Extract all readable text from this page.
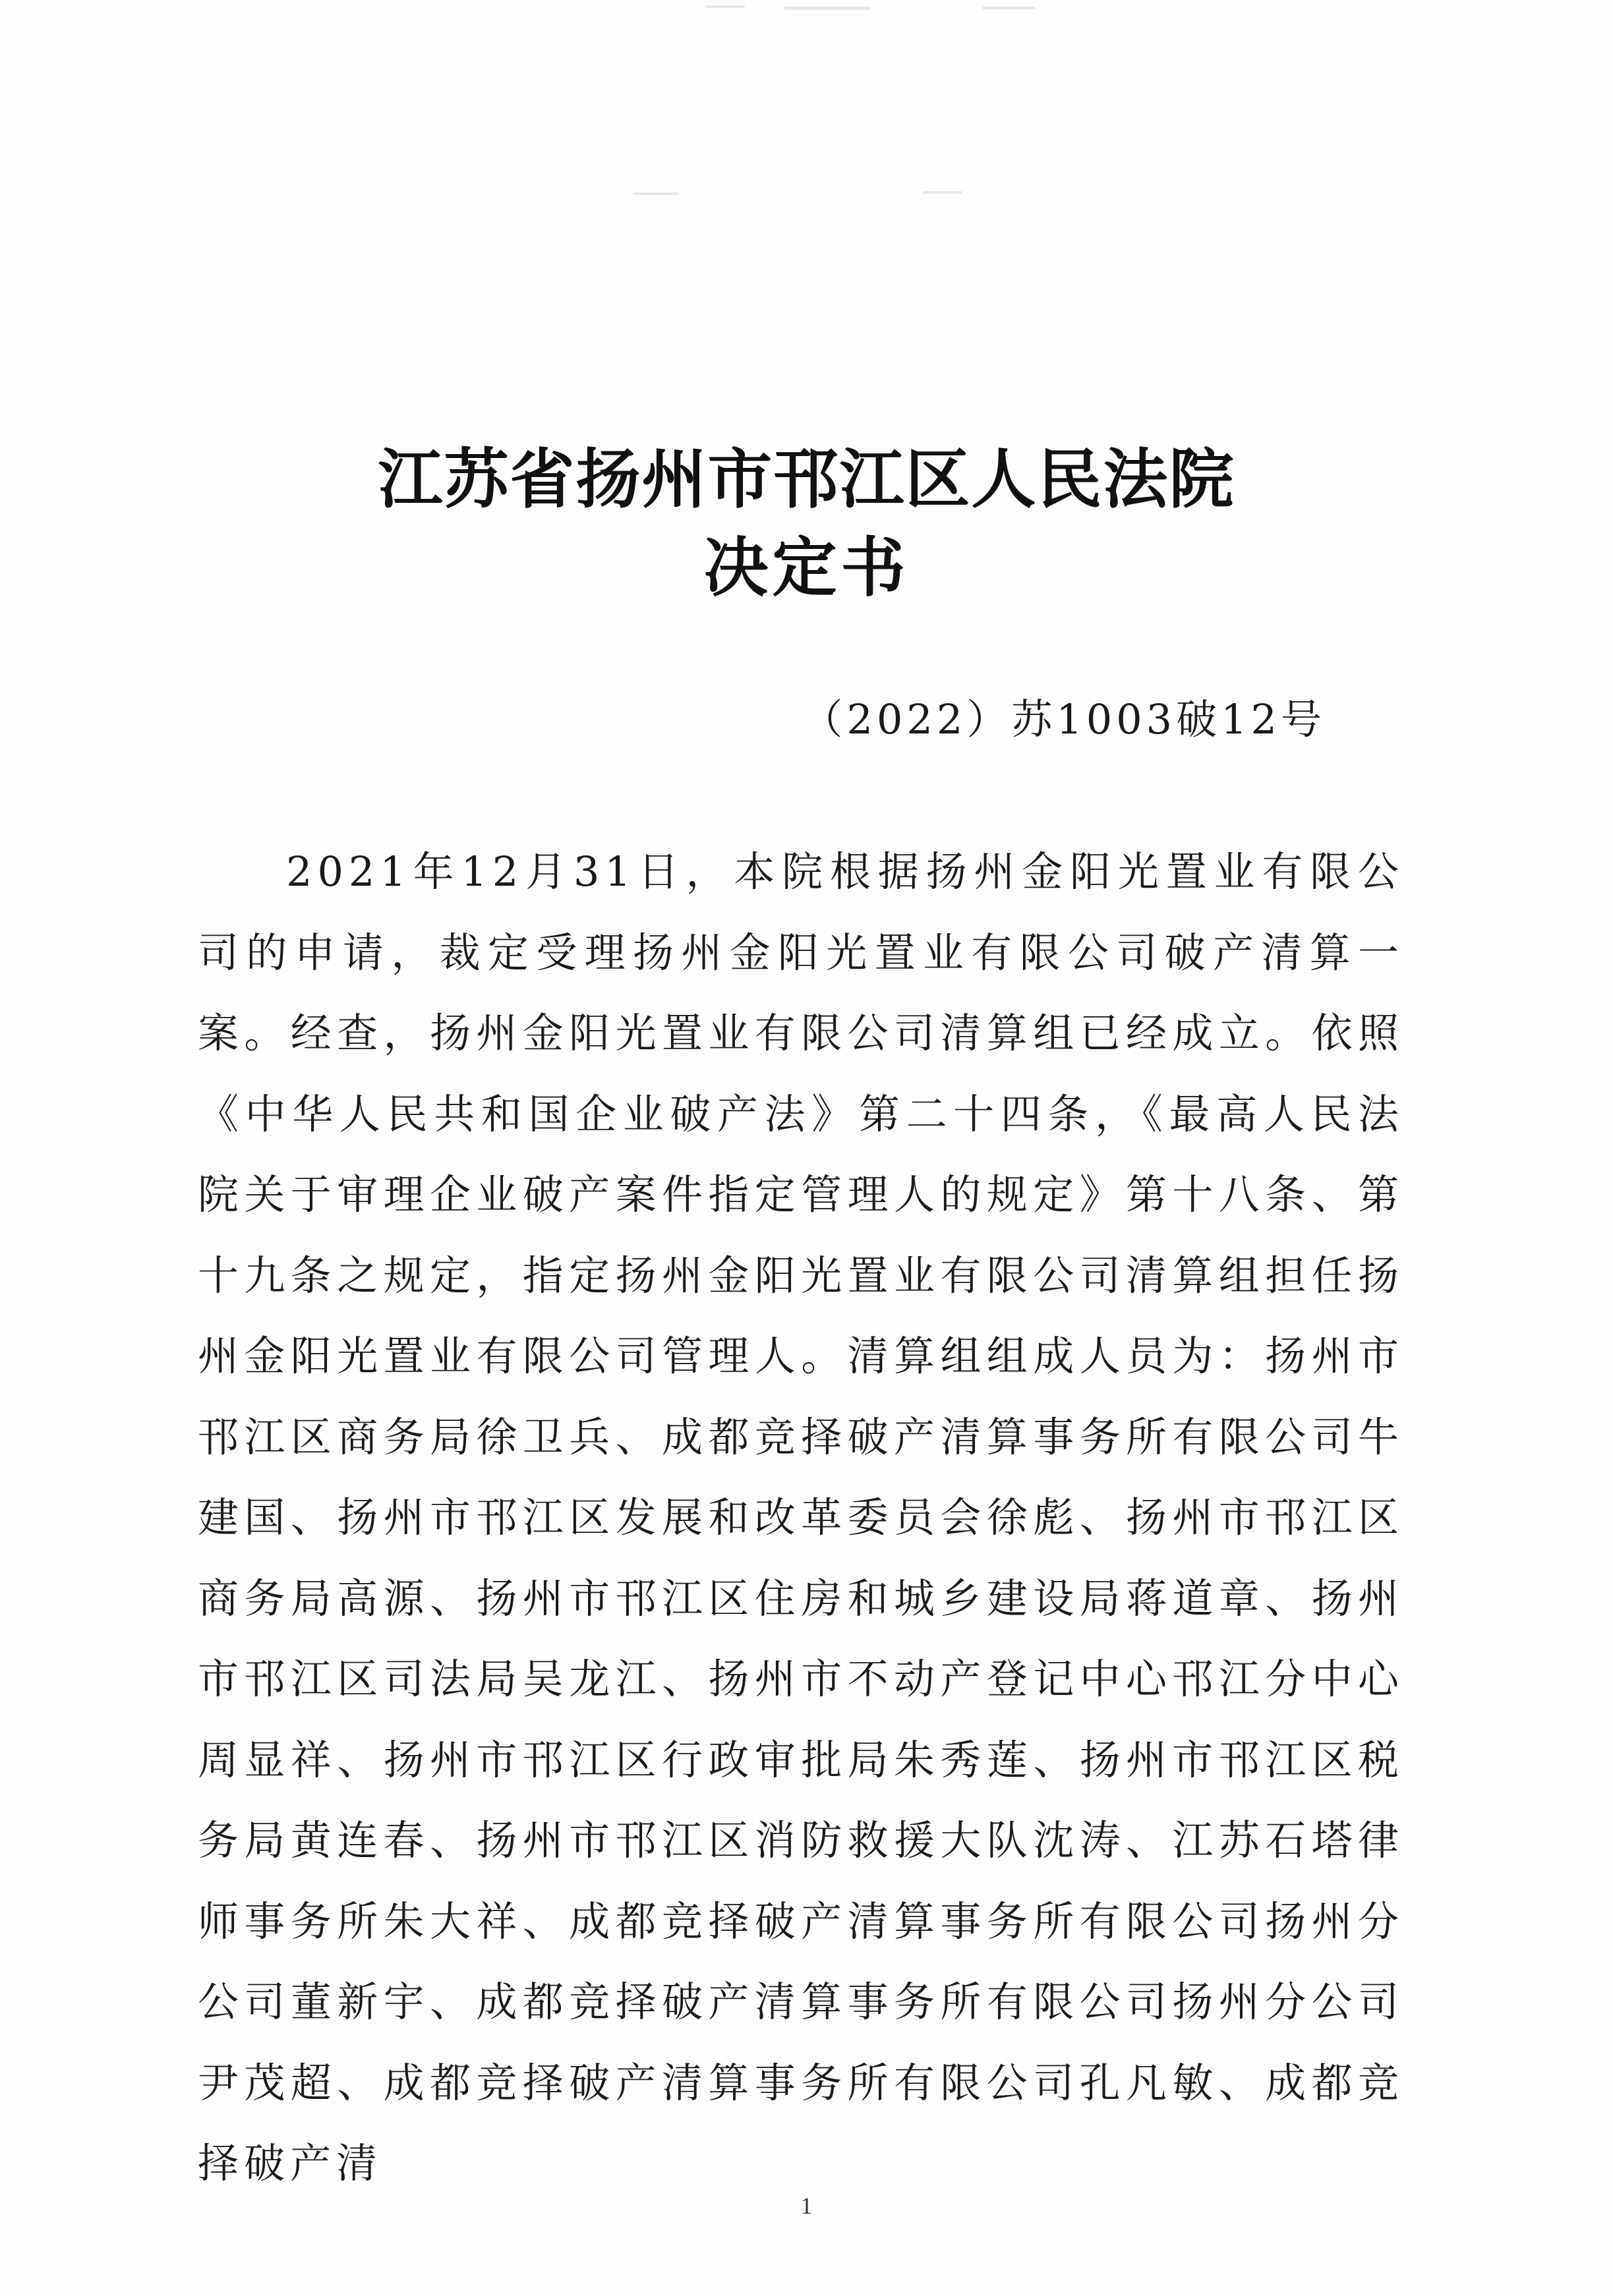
江苏省扬州市邗江区人民法院
决定书
（2022）苏1003破12号
2021年12月31日，本院根据扬州金阳光置业有限公司的申请，裁定受理扬州金阳光置业有限公司破产清算一案。经查，扬州金阳光置业有限公司清算组已经成立。依照《中华人民共和国企业破产法》第二十四条，《最高人民法院关于审理企业破产案件指定管理人的规定》第十八条、第十九条之规定，指定扬州金阳光置业有限公司清算组担任扬州金阳光置业有限公司管理人。清算组组成人员为：扬州市邗江区商务局徐卫兵、成都竞择破产清算事务所有限公司牛建国、扬州市邗江区发展和改革委员会徐彪、扬州市邗江区商务局高源、扬州市邗江区住房和城乡建设局蒋道章、扬州市邗江区司法局吴龙江、扬州市不动产登记中心邗江分中心周显祥、扬州市邗江区行政审批局朱秀莲、扬州市邗江区税务局黄连春、扬州市邗江区消防救援大队沈涛、江苏石塔律师事务所朱大祥、成都竞择破产清算事务所有限公司扬州分公司董新宇、成都竞择破产清算事务所有限公司扬州分公司尹茂超、成都竞择破产清算事务所有限公司孔凡敏、成都竞择破产清
1
